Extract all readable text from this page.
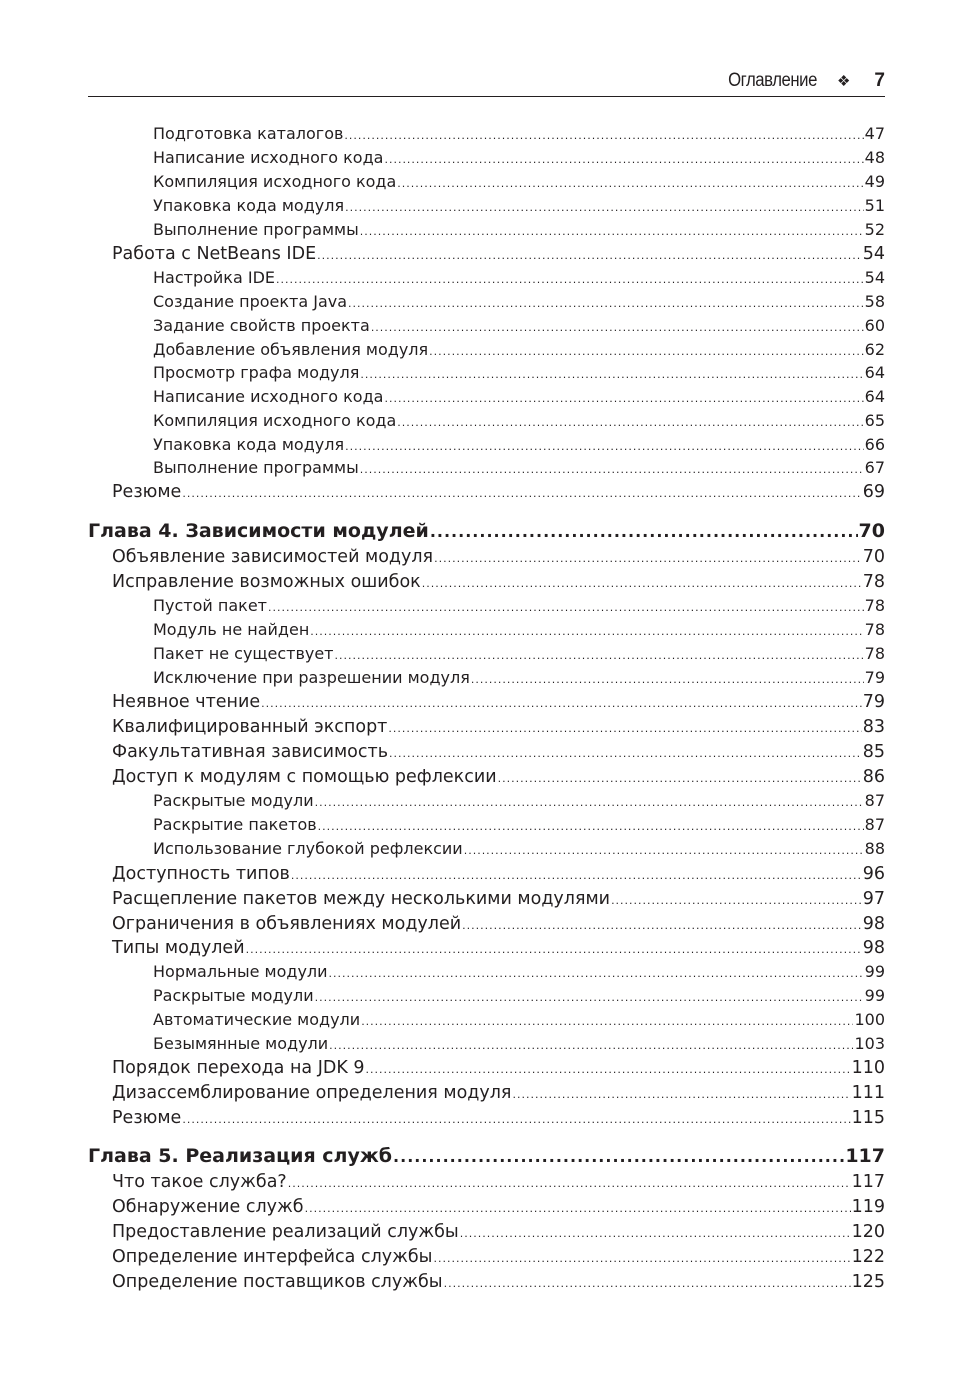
Оглавление ❖ 7
Подготовка каталогов .....	47
Написание исходного кода .....	48
Компиляция исходного кода .....	49
Упаковка кода модуля .....	51
Выполнение программы .....	52
Работа с NetBeans IDE .....	54
Настройка IDE .....	54
Создание проекта Java .....	58
Задание свойств проекта .....	60
Добавление объявления модуля .....	62
Просмотр графа модуля .....	64
Написание исходного кода .....	64
Компиляция исходного кода .....	65
Упаковка кода модуля .....	66
Выполнение программы .....	67
Резюме .....	69
Глава 4. Зависимости модулей .....	70
Объявление зависимостей модуля .....	70
Исправление возможных ошибок .....	78
Пустой пакет .....	78
Модуль не найден .....	78
Пакет не существует .....	78
Исключение при разрешении модуля .....	79
Неявное чтение .....	79
Квалифицированный экспорт .....	83
Факультативная зависимость .....	85
Доступ к модулям с помощью рефлексии .....	86
Раскрытые модули .....	87
Раскрытие пакетов .....	87
Использование глубокой рефлексии .....	88
Доступность типов .....	96
Расщепление пакетов между несколькими модулями .....	97
Ограничения в объявлениях модулей .....	98
Типы модулей .....	98
Нормальные модули .....	99
Раскрытые модули .....	99
Автоматические модули .....	100
Безымянные модули .....	103
Порядок перехода на JDK 9 .....	110
Дизассемблирование определения модуля .....	111
Резюме .....	115
Глава 5. Реализация служб .....	117
Что такое служба? .....	117
Обнаружение служб .....	119
Предоставление реализаций службы .....	120
Определение интерфейса службы .....	122
Определение поставщиков службы .....	125
